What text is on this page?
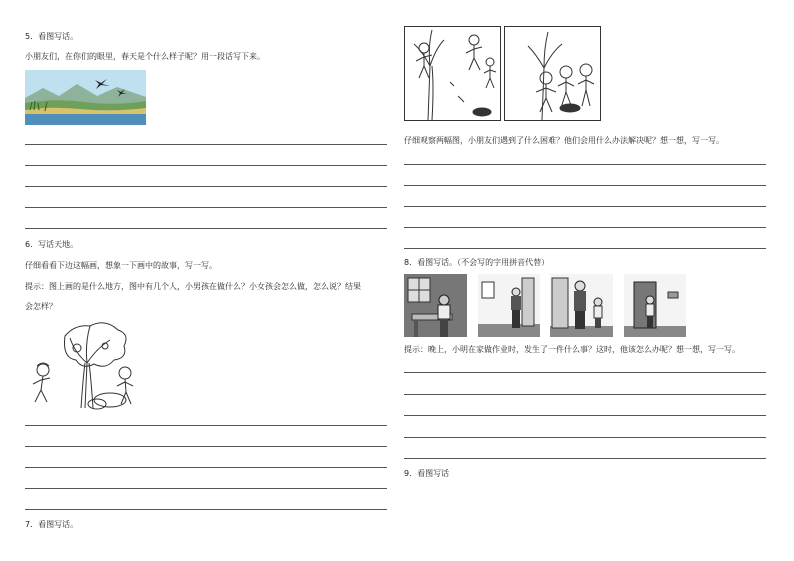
5．看图写话。
小朋友们，在你们的眼里，春天是个什么样子呢？用一段话写下来。
6．写话天地。
仔细看看下边这幅画，想象一下画中的故事，写一写。
提示：图上画的是什么地方，图中有几个人，小男孩在做什么？小女孩会怎么做，怎么说？结果
会怎样？
7．看图写话。
仔细观察两幅图，小朋友们遇到了什么困难？他们会用什么办法解决呢？想一想，写一写。
8．看图写话。（不会写的字用拼音代替）
提示：晚上，小明在家做作业时，发生了一件什么事？这时，他该怎么办呢？想一想，写一写。
9．看图写话
